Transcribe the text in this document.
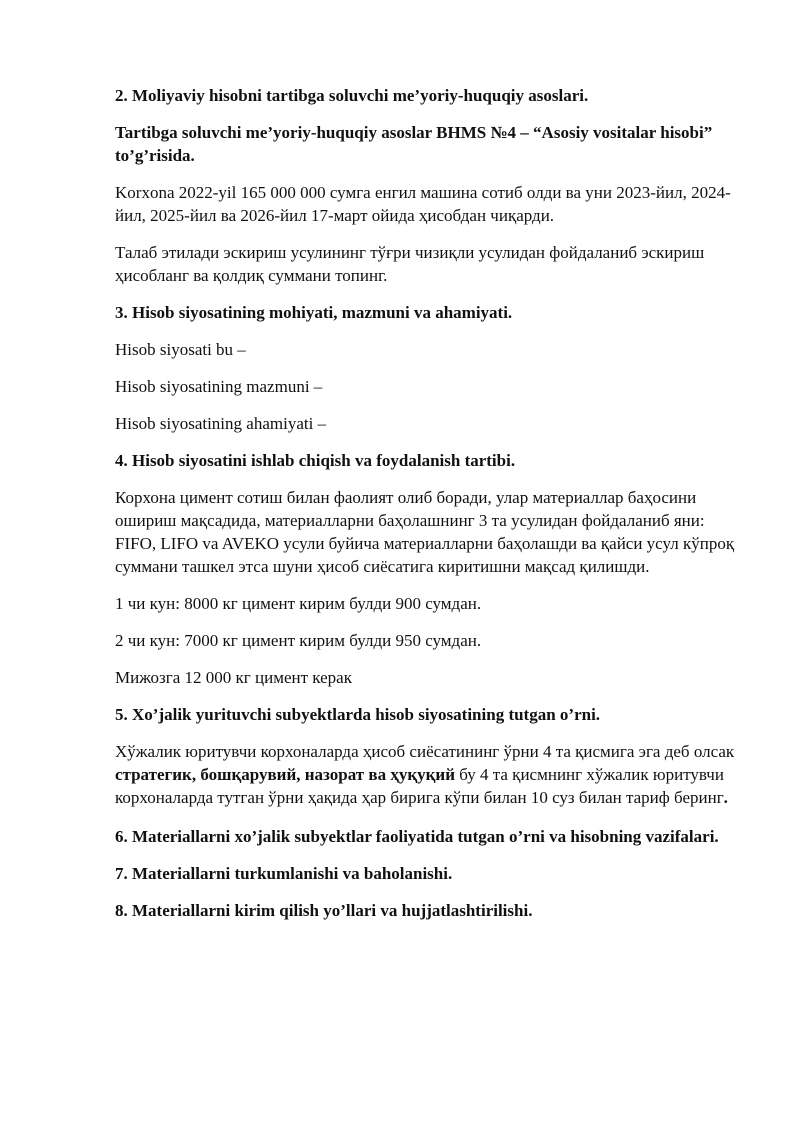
2. Moliyaviy hisobni tartibga soluvchi me’yoriy-huquqiy asoslari.

Tartibga soluvchi me’yoriy-huquqiy asoslar BHMS №4 – “Asosiy vositalar hisobi” to’g’risida.

Korxona 2022-yil 165 000 000 сумга енгил машина сотиб олди ва уни 2023-йил, 2024-йил, 2025-йил ва 2026-йил 17-март ойида ҳисобдан чиқарди.

Талаб этилади эскириш усулининг тўғри чизиқли усулидан фойдаланиб эскириш ҳисобланг ва қолдиқ суммани топинг.

3. Hisob siyosatining mohiyati, mazmuni va ahamiyati.

Hisob siyosati bu –

Hisob siyosatining mazmuni –

Hisob siyosatining ahamiyati –

4. Hisob siyosatini ishlab chiqish va foydalanish tartibi.

Корхона цимент сотиш билан фаолият олиб боради, улар материаллар баҳосини ошириш мақсадида, материалларни баҳолашнинг 3 та усулидан фойдаланиб яни: FIFO, LIFO va AVEKO усули буйича материалларни баҳолашди ва қайси усул кўпроқ суммани ташкел этса шуни ҳисоб сиёсатига киритишни мақсад қилишди.

1 чи кун: 8000 кг цимент кирим булди 900 сумдан.

2 чи кун: 7000 кг цимент кирим булди 950 сумдан.

Мижозга 12 000 кг цимент керак

5. Xo’jalik yurituvchi subyektlarda hisob siyosatining tutgan o’rni.

Хўжалик юритувчи корхоналарда ҳисоб сиёсатининг ўрни 4 та қисмига эга деб олсак стратегик, бошқарувий, назорат ва ҳуқуқий бу 4 та қисмнинг хўжалик юритувчи корхоналарда тутган ўрни ҳақида ҳар бирига кўпи билан 10 суз билан тариф беринг.

6. Materiallarni xo’jalik subyektlar faoliyatida tutgan o’rni va hisobning vazifalari.

7. Materiallarni turkumlanishi va baholanishi.

8. Materiallarni kirim qilish yo’llari va hujjatlashtirilishi.
